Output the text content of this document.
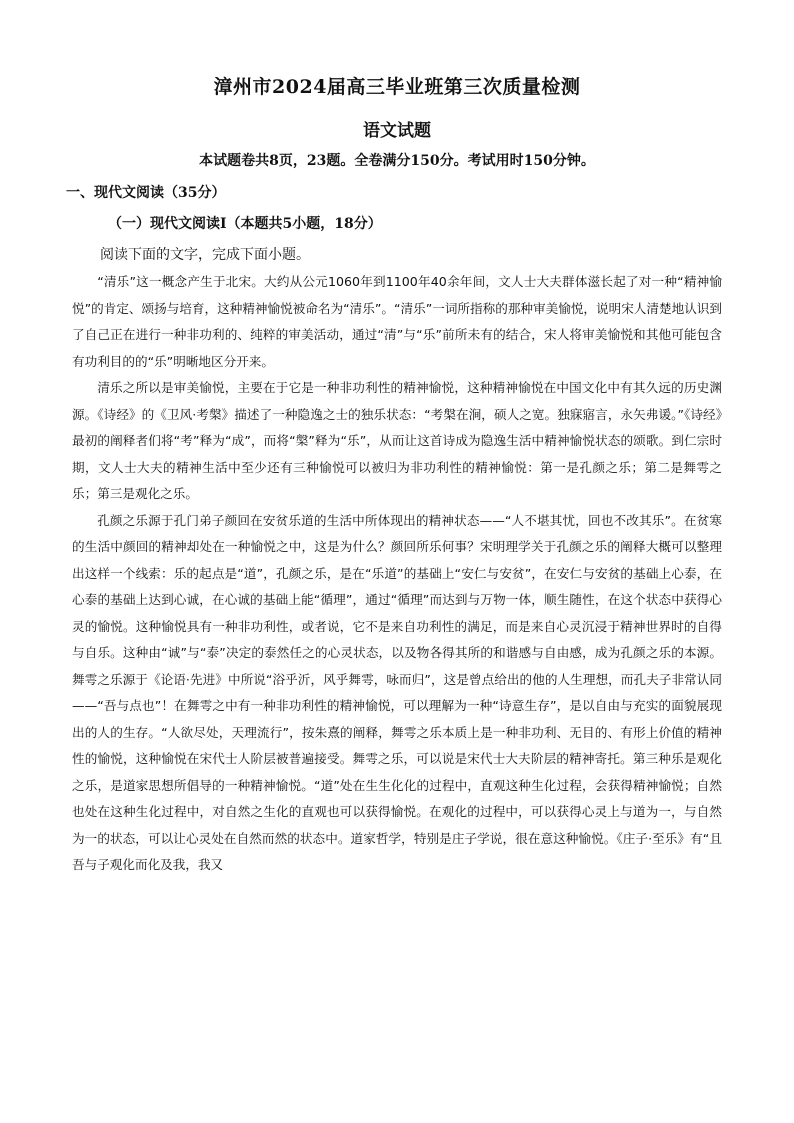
漳州市2024届高三毕业班第三次质量检测
语文试题
本试题卷共8页，23题。全卷满分150分。考试用时150分钟。
一、现代文阅读（35分）
（一）现代文阅读Ⅰ（本题共5小题，18分）
阅读下面的文字，完成下面小题。

“清乐”这一概念产生于北宋。大约从公元1060年到1100年40余年间，文人士大夫群体滋长起了对一种“精神愉悦”的肯定、颂扬与培育，这种精神愉悦被命名为“清乐”。“清乐”一词所指称的那种审美愉悦，说明宋人清楚地认识到了自己正在进行一种非功利的、纯粹的审美活动，通过“清”与“乐”前所未有的结合，宋人将审美愉悦和其他可能包含有功利目的的“乐”明晰地区分开来。

清乐之所以是审美愉悦，主要在于它是一种非功利性的精神愉悦，这种精神愉悦在中国文化中有其久远的历史渊源。《诗经》的《卫风·考槃》描述了一种隐逸之士的独乐状态：“考槃在涧，硕人之宽。独寐寤言，永矢弗谖。”《诗经》最初的阐释者们将“考”释为“成”，而将“槃”释为“乐”，从而让这首诗成为隐逸生活中精神愉悦状态的颂歌。到仁宗时期，文人士大夫的精神生活中至少还有三种愉悦可以被归为非功利性的精神愉悦：第一是孔颜之乐；第二是舞雩之乐；第三是观化之乐。

孔颜之乐源于孔门弟子颜回在安贫乐道的生活中所体现出的精神状态——“人不堪其忧，回也不改其乐”。在贫寒的生活中颜回的精神却处在一种愉悦之中，这是为什么？颜回所乐何事？宋明理学关于孔颜之乐的阐释大概可以整理出这样一个线索：乐的起点是“道”，孔颜之乐，是在“乐道”的基础上“安仁与安贫”，在安仁与安贫的基础上心泰，在心泰的基础上达到心诚，在心诚的基础上能“循理”，通过“循理”而达到与万物一体，顺生随性，在这个状态中获得心灵的愉悦。这种愉悦具有一种非功利性，或者说，它不是来自功利性的满足，而是来自心灵沉浸于精神世界时的自得与自乐。这种由“诚”与“泰”决定的泰然任之的心灵状态，以及物各得其所的和谐感与自由感，成为孔颜之乐的本源。舞雩之乐源于《论语·先进》中所说“浴乎沂，风乎舞雩，咏而归”，这是曾点给出的他的人生理想，而孔夫子非常认同——“吾与点也”！在舞雩之中有一种非功利性的精神愉悦，可以理解为一种“诗意生存”，是以自由与充实的面貌展现出的人的生存。“人欲尽处，天理流行”，按朱熹的阐释，舞雩之乐本质上是一种非功利、无目的、有形上价值的精神性的愉悦，这种愉悦在宋代士人阶层被普遍接受。舞雩之乐，可以说是宋代士大夫阶层的精神寄托。第三种乐是观化之乐，是道家思想所倡导的一种精神愉悦。“道”处在生生化化的过程中，直观这种生化过程，会获得精神愉悦；自然也处在这种生化过程中，对自然之生化的直观也可以获得愉悦。在观化的过程中，可以获得心灵上与道为一，与自然为一的状态，可以让心灵处在自然而然的状态中。道家哲学，特别是庄子学说，很在意这种愉悦。《庄子·至乐》有“且吾与子观化而化及我，我又
